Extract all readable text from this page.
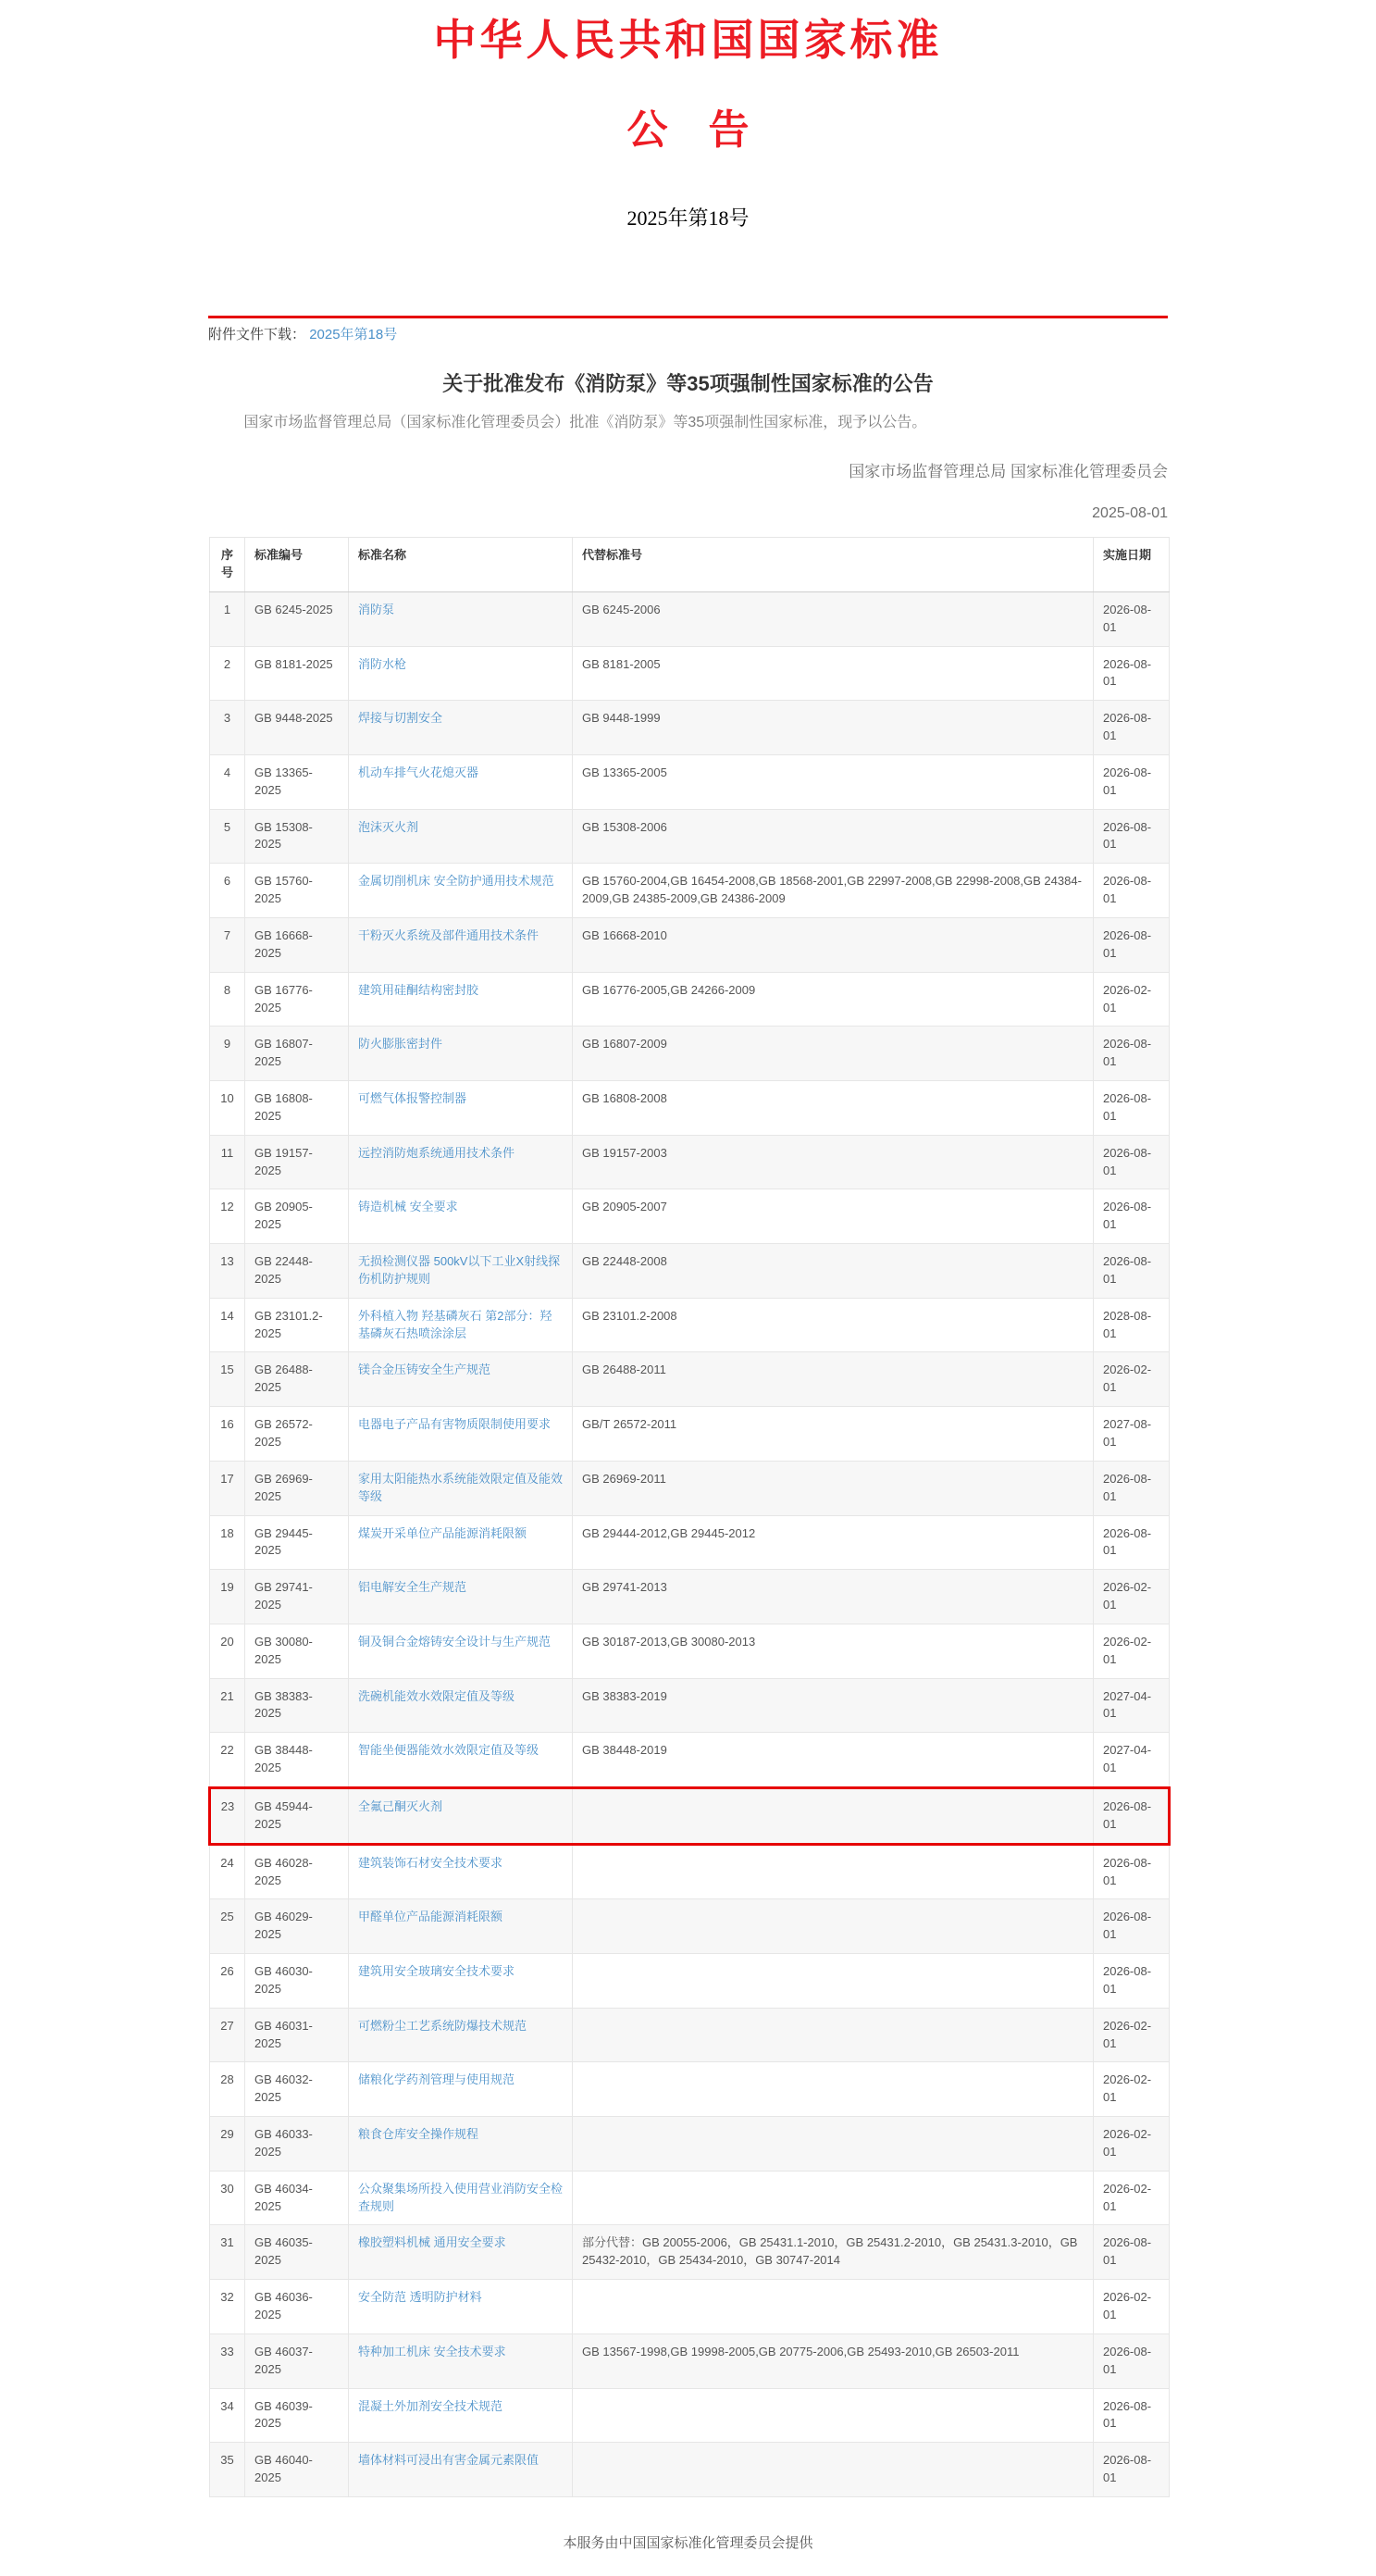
中华人民共和国国家标准
公　告
2025年第18号
附件文件下载： 2025年第18号
关于批准发布《消防泵》等35项强制性国家标准的公告
国家市场监督管理总局（国家标准化管理委员会）批准《消防泵》等35项强制性国家标准，现予以公告。
国家市场监督管理总局 国家标准化管理委员会
2025-08-01
序号	标准编号	标准名称	代替标准号	实施日期
1	GB 6245-2025	消防泵	GB 6245-2006	2026-08-01
2	GB 8181-2025	消防水枪	GB 8181-2005	2026-08-01
3	GB 9448-2025	焊接与切割安全	GB 9448-1999	2026-08-01
4	GB 13365-2025	机动车排气火花熄灭器	GB 13365-2005	2026-08-01
5	GB 15308-2025	泡沫灭火剂	GB 15308-2006	2026-08-01
6	GB 15760-2025	金属切削机床 安全防护通用技术规范	GB 15760-2004,GB 16454-2008,GB 18568-2001,GB 22997-2008,GB 22998-2008,GB 24384-2009,GB 24385-2009,GB 24386-2009	2026-08-01
7	GB 16668-2025	干粉灭火系统及部件通用技术条件	GB 16668-2010	2026-08-01
8	GB 16776-2025	建筑用硅酮结构密封胶	GB 16776-2005,GB 24266-2009	2026-02-01
9	GB 16807-2025	防火膨胀密封件	GB 16807-2009	2026-08-01
10	GB 16808-2025	可燃气体报警控制器	GB 16808-2008	2026-08-01
11	GB 19157-2025	远控消防炮系统通用技术条件	GB 19157-2003	2026-08-01
12	GB 20905-2025	铸造机械 安全要求	GB 20905-2007	2026-08-01
13	GB 22448-2025	无损检测仪器 500kV以下工业X射线探伤机防护规则	GB 22448-2008	2026-08-01
14	GB 23101.2-2025	外科植入物 羟基磷灰石 第2部分：羟基磷灰石热喷涂涂层	GB 23101.2-2008	2028-08-01
15	GB 26488-2025	镁合金压铸安全生产规范	GB 26488-2011	2026-02-01
16	GB 26572-2025	电器电子产品有害物质限制使用要求	GB/T 26572-2011	2027-08-01
17	GB 26969-2025	家用太阳能热水系统能效限定值及能效等级	GB 26969-2011	2026-08-01
18	GB 29445-2025	煤炭开采单位产品能源消耗限额	GB 29444-2012,GB 29445-2012	2026-08-01
19	GB 29741-2025	铝电解安全生产规范	GB 29741-2013	2026-02-01
20	GB 30080-2025	铜及铜合金熔铸安全设计与生产规范	GB 30187-2013,GB 30080-2013	2026-02-01
21	GB 38383-2025	洗碗机能效水效限定值及等级	GB 38383-2019	2027-04-01
22	GB 38448-2025	智能坐便器能效水效限定值及等级	GB 38448-2019	2027-04-01
23	GB 45944-2025	全氟己酮灭火剂		2026-08-01
24	GB 46028-2025	建筑装饰石材安全技术要求		2026-08-01
25	GB 46029-2025	甲醛单位产品能源消耗限额		2026-08-01
26	GB 46030-2025	建筑用安全玻璃安全技术要求		2026-08-01
27	GB 46031-2025	可燃粉尘工艺系统防爆技术规范		2026-02-01
28	GB 46032-2025	储粮化学药剂管理与使用规范		2026-02-01
29	GB 46033-2025	粮食仓库安全操作规程		2026-02-01
30	GB 46034-2025	公众聚集场所投入使用营业消防安全检查规则		2026-02-01
31	GB 46035-2025	橡胶塑料机械 通用安全要求	部分代替：GB 20055-2006，GB 25431.1-2010，GB 25431.2-2010，GB 25431.3-2010，GB 25432-2010，GB 25434-2010，GB 30747-2014	2026-08-01
32	GB 46036-2025	安全防范 透明防护材料		2026-02-01
33	GB 46037-2025	特种加工机床 安全技术要求	GB 13567-1998,GB 19998-2005,GB 20775-2006,GB 25493-2010,GB 26503-2011	2026-08-01
34	GB 46039-2025	混凝土外加剂安全技术规范		2026-08-01
35	GB 46040-2025	墙体材料可浸出有害金属元素限值		2026-08-01
本服务由中国国家标准化管理委员会提供
